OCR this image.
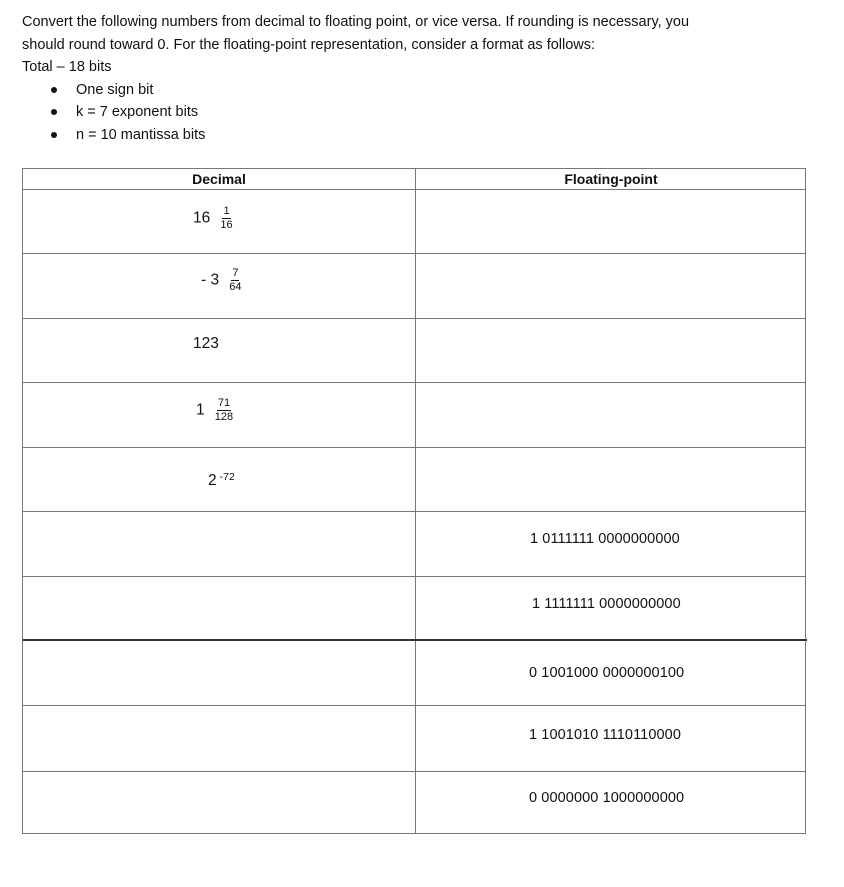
Convert the following numbers from decimal to floating point, or vice versa. If rounding is necessary, you

should round toward 0. For the floating-point representation, consider a format as follows:

Total – 18 bits

One sign bit
k = 7 exponent bits
n = 10 mantissa bits
Decimal	Floating-point
$16 \frac{1}{16}$
- $3 \frac{7}{64}$
123
$1 \frac{71}{128}$
2 $^{-72}$
1 0111111 0000000000
1 1111111 0000000000
0 1001000 0000000100
1 1001010 1110110000
0 0000000 1000000000
